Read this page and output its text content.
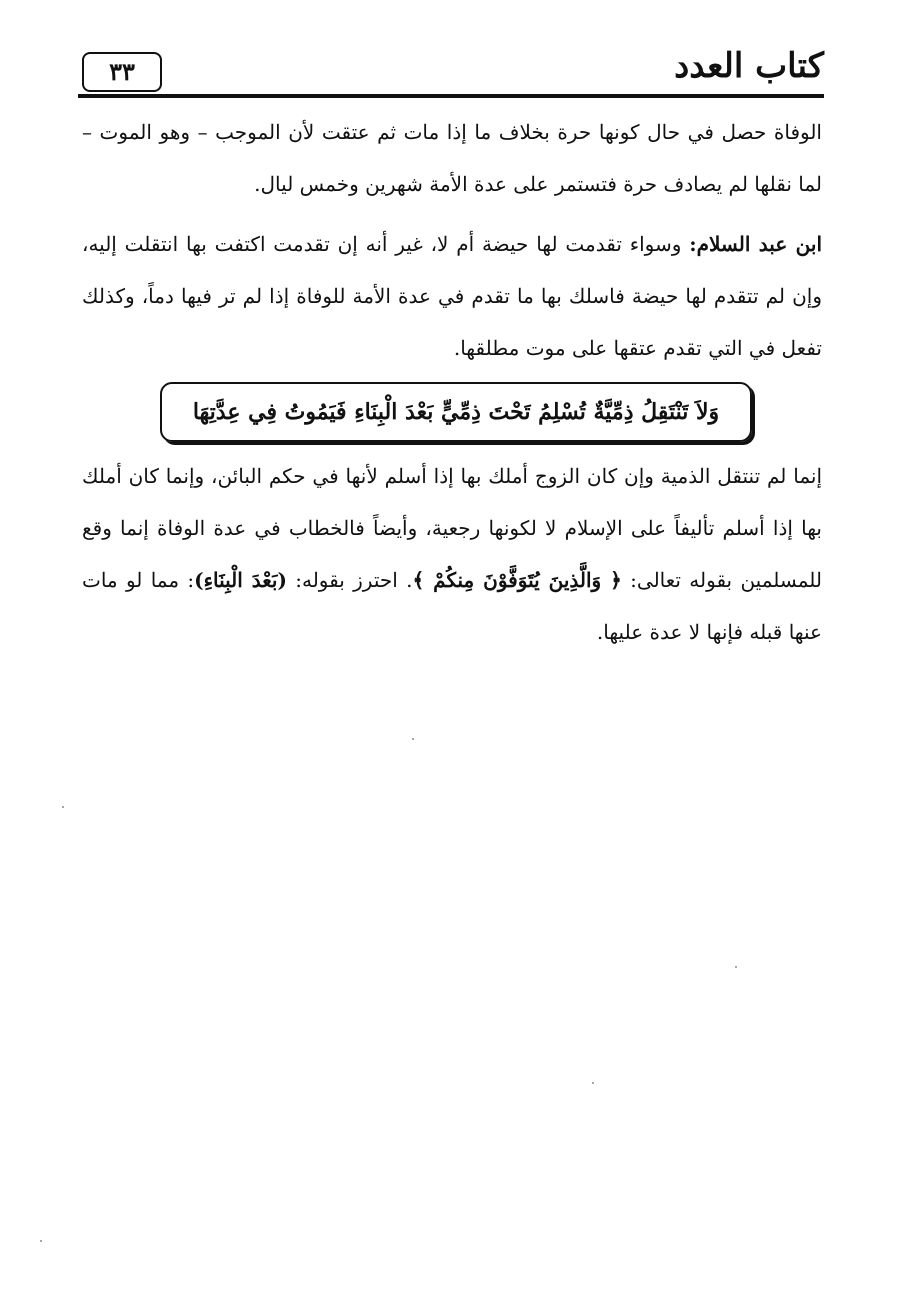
كتاب العدد
٣٣
الوفاة حصل في حال كونها حرة بخلاف ما إذا مات ثم عتقت لأن الموجب – وهو الموت – لما نقلها لم يصادف حرة فتستمر على عدة الأمة شهرين وخمس ليال.
ابن عبد السلام: وسواء تقدمت لها حيضة أم لا، غير أنه إن تقدمت اكتفت بها انتقلت إليه، وإن لم تتقدم لها حيضة فاسلك بها ما تقدم في عدة الأمة للوفاة إذا لم تر فيها دماً، وكذلك تفعل في التي تقدم عتقها على موت مطلقها.
وَلاَ تَنْتَقِلُ ذِمِّيَّةٌ تُسْلِمُ تَحْتَ ذِمِّيٍّ بَعْدَ الْبِنَاءِ فَيَمُوتُ فِي عِدَّتِهَا
إنما لم تنتقل الذمية وإن كان الزوج أملك بها إذا أسلم لأنها في حكم البائن، وإنما كان أملك بها إذا أسلم تأليفاً على الإسلام لا لكونها رجعية، وأيضاً فالخطاب في عدة الوفاة إنما وقع للمسلمين بقوله تعالى: ﴿ وَالَّذِينَ يُتَوَفَّوْنَ مِنكُمْ ﴾. احترز بقوله: (بَعْدَ الْبِنَاءِ): مما لو مات عنها قبله فإنها لا عدة عليها.
